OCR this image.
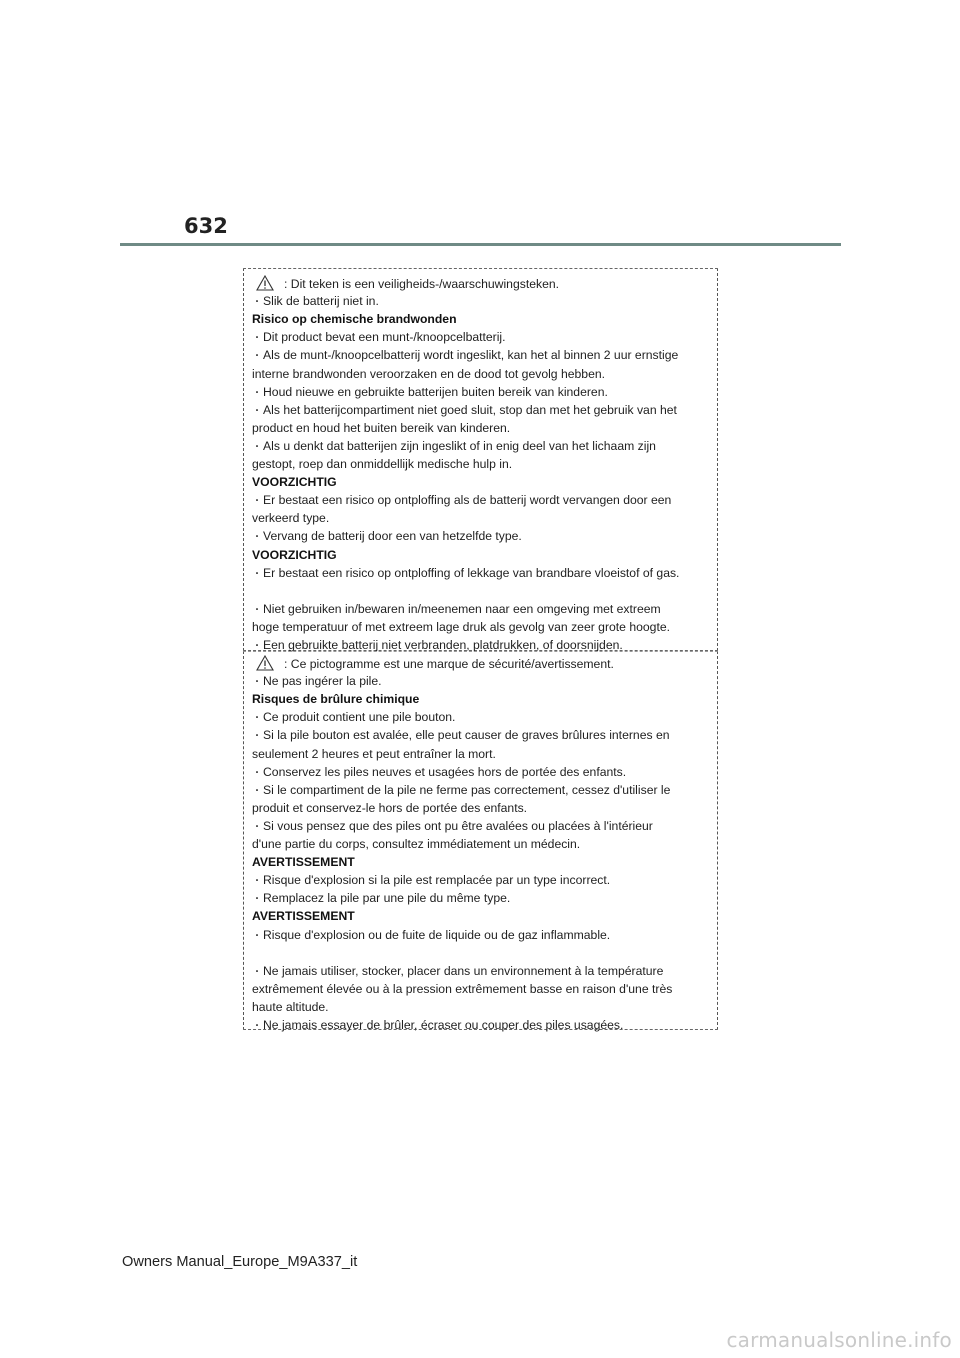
632
: Dit teken is een veiligheids-/waarschuwingsteken.
・ Slik de batterij niet in.
Risico op chemische brandwonden
・ Dit product bevat een munt-/knoopcelbatterij.
・ Als de munt-/knoopcelbatterij wordt ingeslikt, kan het al binnen 2 uur ernstige
interne brandwonden veroorzaken en de dood tot gevolg hebben.
・ Houd nieuwe en gebruikte batterijen buiten bereik van kinderen.
・ Als het batterijcompartiment niet goed sluit, stop dan met het gebruik van het
product en houd het buiten bereik van kinderen.
・ Als u denkt dat batterijen zijn ingeslikt of in enig deel van het lichaam zijn
gestopt, roep dan onmiddellijk medische hulp in.
VOORZICHTIG
・ Er bestaat een risico op ontploffing als de batterij wordt vervangen door een
verkeerd type.
・ Vervang de batterij door een van hetzelfde type.
VOORZICHTIG
・ Er bestaat een risico op ontploffing of lekkage van brandbare vloeistof of gas.
・ Niet gebruiken in/bewaren in/meenemen naar een omgeving met extreem
hoge temperatuur of met extreem lage druk als gevolg van zeer grote hoogte.
・ Een gebruikte batterij niet verbranden, platdrukken, of doorsnijden.
: Ce pictogramme est une marque de sécurité/avertissement.
・ Ne pas ingérer la pile.
Risques de brûlure chimique
・ Ce produit contient une pile bouton.
・ Si la pile bouton est avalée, elle peut causer de graves brûlures internes en
seulement 2 heures et peut entraîner la mort.
・ Conservez les piles neuves et usagées hors de portée des enfants.
・ Si le compartiment de la pile ne ferme pas correctement, cessez d'utiliser le
produit et conservez-le hors de portée des enfants.
・ Si vous pensez que des piles ont pu être avalées ou placées à l'intérieur
d'une partie du corps, consultez immédiatement un médecin.
AVERTISSEMENT
・ Risque d'explosion si la pile est remplacée par un type incorrect.
・ Remplacez la pile par une pile du même type.
AVERTISSEMENT
・ Risque d'explosion ou de fuite de liquide ou de gaz inflammable.
・ Ne jamais utiliser, stocker, placer dans un environnement à la température
extrêmement élevée ou à la pression extrêmement basse en raison d'une très
haute altitude.
・ Ne jamais essayer de brûler, écraser ou couper des piles usagées.
Owners Manual_Europe_M9A337_it
carmanualsonline.info
